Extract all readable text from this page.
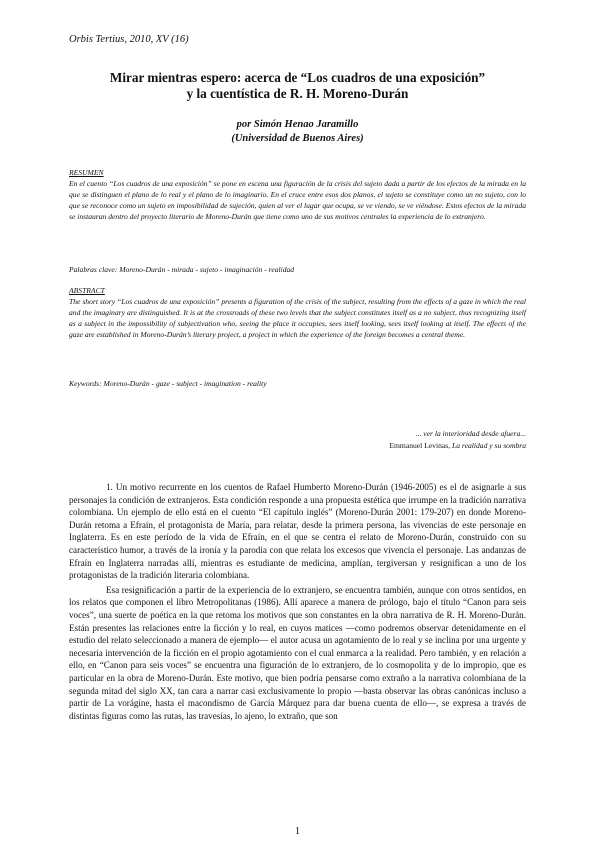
Orbis Tertius, 2010, XV (16)
Mirar mientras espero: acerca de “Los cuadros de una exposición”
y la cuentística de R. H. Moreno-Durán
por Simón Henao Jaramillo
(Universidad de Buenos Aires)
RESUMEN
En el cuento “Los cuadros de una exposición” se pone en escena una figuración de la crisis del sujeto dada a partir de los efectos de la mirada en la que se distinguen el plano de lo real y el plano de lo imaginario. En el cruce entre esos dos planos, el sujeto se constituye como un no sujeto, con lo que se reconoce como un sujeto en imposibilidad de sujeción, quien al ver el lugar que ocupa, se ve viendo, se ve viéndose. Estos efectos de la mirada se instauran dentro del proyecto literario de Moreno-Durán que tiene como uno de sus motivos centrales la experiencia de lo extranjero.
Palabras clave: Moreno-Durán - mirada - sujeto - imaginación - realidad
ABSTRACT
The short story “Los cuadros de una exposición” presents a figuration of the crisis of the subject, resulting from the effects of a gaze in which the real and the imaginary are distinguished. It is at the crossroads of these two levels that the subject constitutes itself as a no subject, thus recognizing itself as a subject in the impossibility of subjectivation who, seeing the place it occupies, sees itself looking, sees itself looking at itself. The effects of the gaze are established in Moreno-Durán’s literary project, a project in which the experience of the foreign becomes a central theme.
Keywords: Moreno-Durán - gaze - subject - imagination - reality
... ver la interioridad desde afuera...
Emmanuel Levinas, La realidad y su sombra

1. Un motivo recurrente en los cuentos de Rafael Humberto Moreno-Durán (1946-2005) es el de asignarle a sus personajes la condición de extranjeros. Esta condición responde a una propuesta estética que irrumpe en la tradición narrativa colombiana. Un ejemplo de ello está en el cuento “El capítulo inglés” (Moreno-Durán 2001: 179-207) en donde Moreno-Durán retoma a Efraín, el protagonista de María, para relatar, desde la primera persona, las vivencias de este personaje en Inglaterra. Es en este período de la vida de Efraín, en el que se centra el relato de Moreno-Durán, construido con su característico humor, a través de la ironía y la parodia con que relata los excesos que vivencia el personaje. Las andanzas de Efraín en Inglaterra narradas allí, mientras es estudiante de medicina, amplían, tergiversan y resignifican a uno de los protagonistas de la tradición literaria colombiana.

Esa resignificación a partir de la experiencia de lo extranjero, se encuentra también, aunque con otros sentidos, en los relatos que componen el libro Metropolitanas (1986). Allí aparece a manera de prólogo, bajo el título “Canon para seis voces”, una suerte de poética en la que retoma los motivos que son constantes en la obra narrativa de R. H. Moreno-Durán. Están presentes las relaciones entre la ficción y lo real, en cuyos matices —como podremos observar detenidamente en el estudio del relato seleccionado a manera de ejemplo— el autor acusa un agotamiento de lo real y se inclina por una urgente y necesaria intervención de la ficción en el propio agotamiento con el cual enmarca a la realidad. Pero también, y en relación a ello, en “Canon para seis voces” se encuentra una figuración de lo extranjero, de lo cosmopolita y de lo impropio, que es particular en la obra de Moreno-Durán. Este motivo, que bien podría pensarse como extraño a la narrativa colombiana de la segunda mitad del siglo XX, tan cara a narrar casi exclusivamente lo propio —basta observar las obras canónicas incluso a partir de La vorágine, hasta el macondismo de García Márquez para dar buena cuenta de ello—, se expresa a través de distintas figuras como las rutas, las travesías, lo ajeno, lo extraño, que son

1
